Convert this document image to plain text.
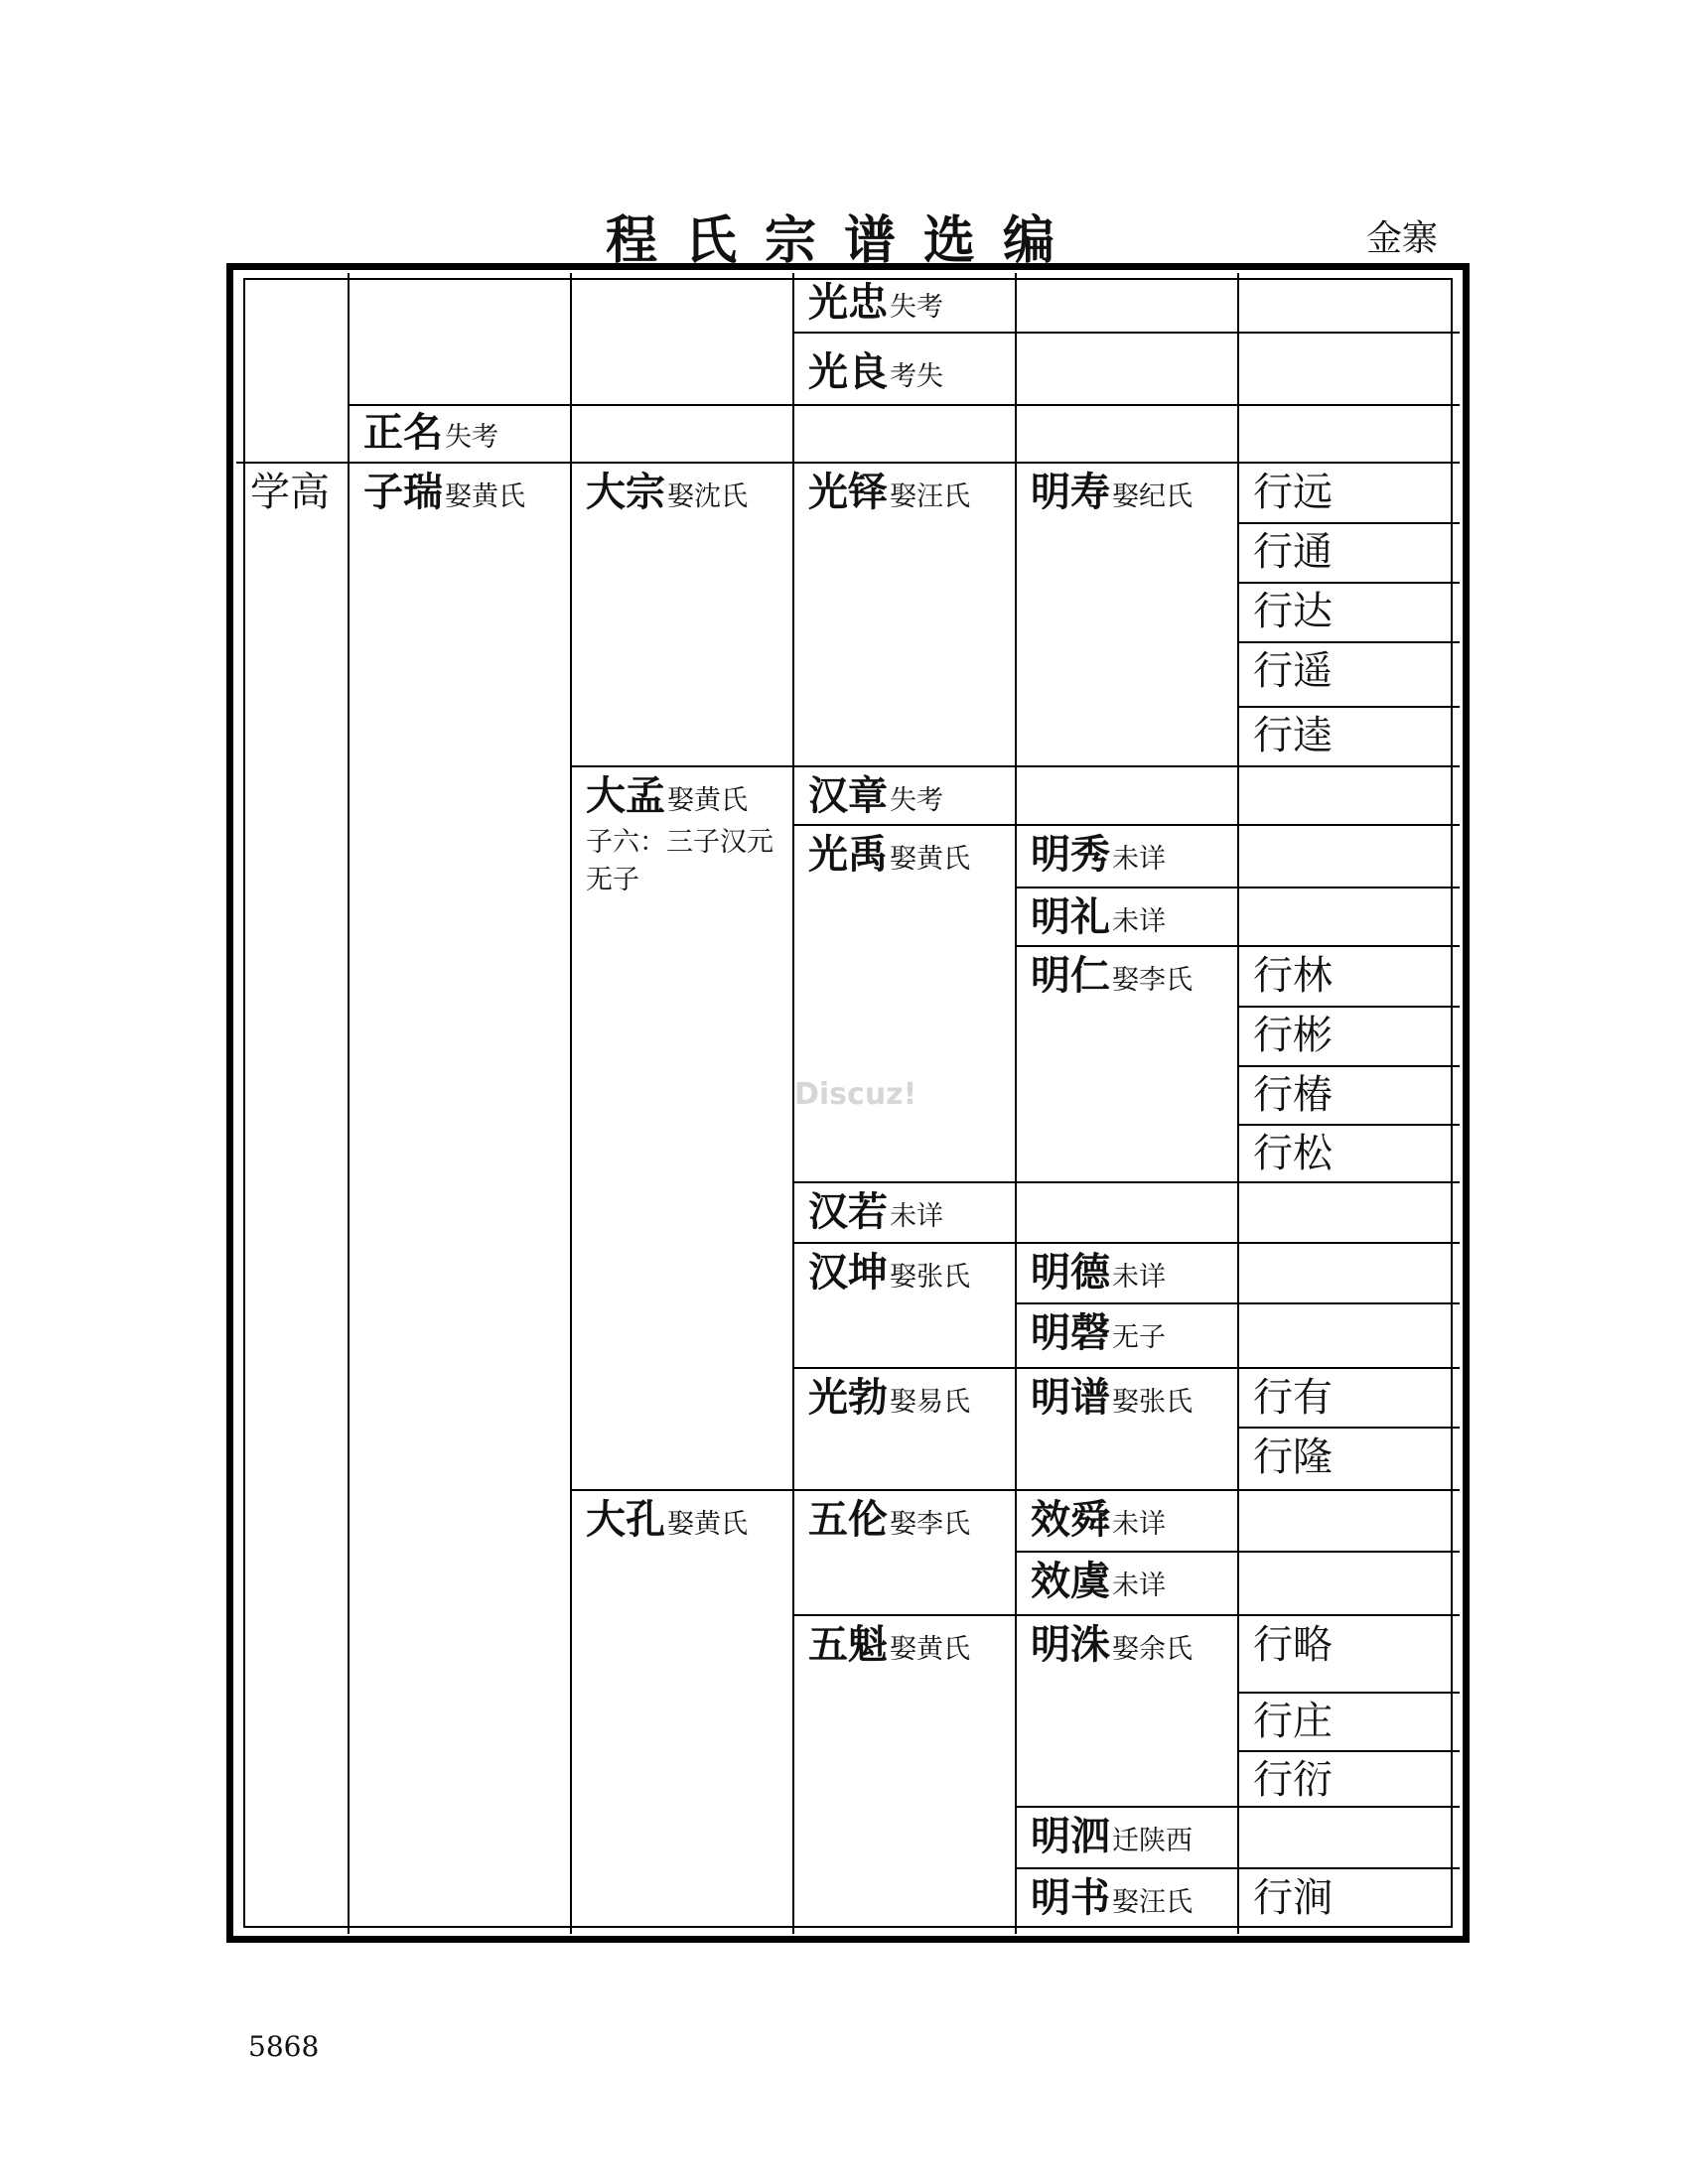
程氏宗谱选编	金寨
学高
正名失考
子瑞娶黄氏 大宗娶沈氏
大孟娶黄氏
子六：三子汉元无子
大孔娶黄氏
光忠失考
光良考失
光铎娶汪氏
汉章失考
光禹娶黄氏
汉若未详
汉坤娶张氏
光勃娶易氏
五伦娶李氏
五魁娶黄氏
明寿娶纪氏
明秀未详
明礼未详
明仁娶李氏
明德未详
明磬无子
明谱娶张氏
效舜未详
效虞未详
明洙娶余氏
明泗迁陕西
明书娶汪氏
行远
行通
行达
行遥
行逵
行林
行彬
行椿
行松
行有
行隆
行略
行庄
行衍
行涧
Discuz!
5868
